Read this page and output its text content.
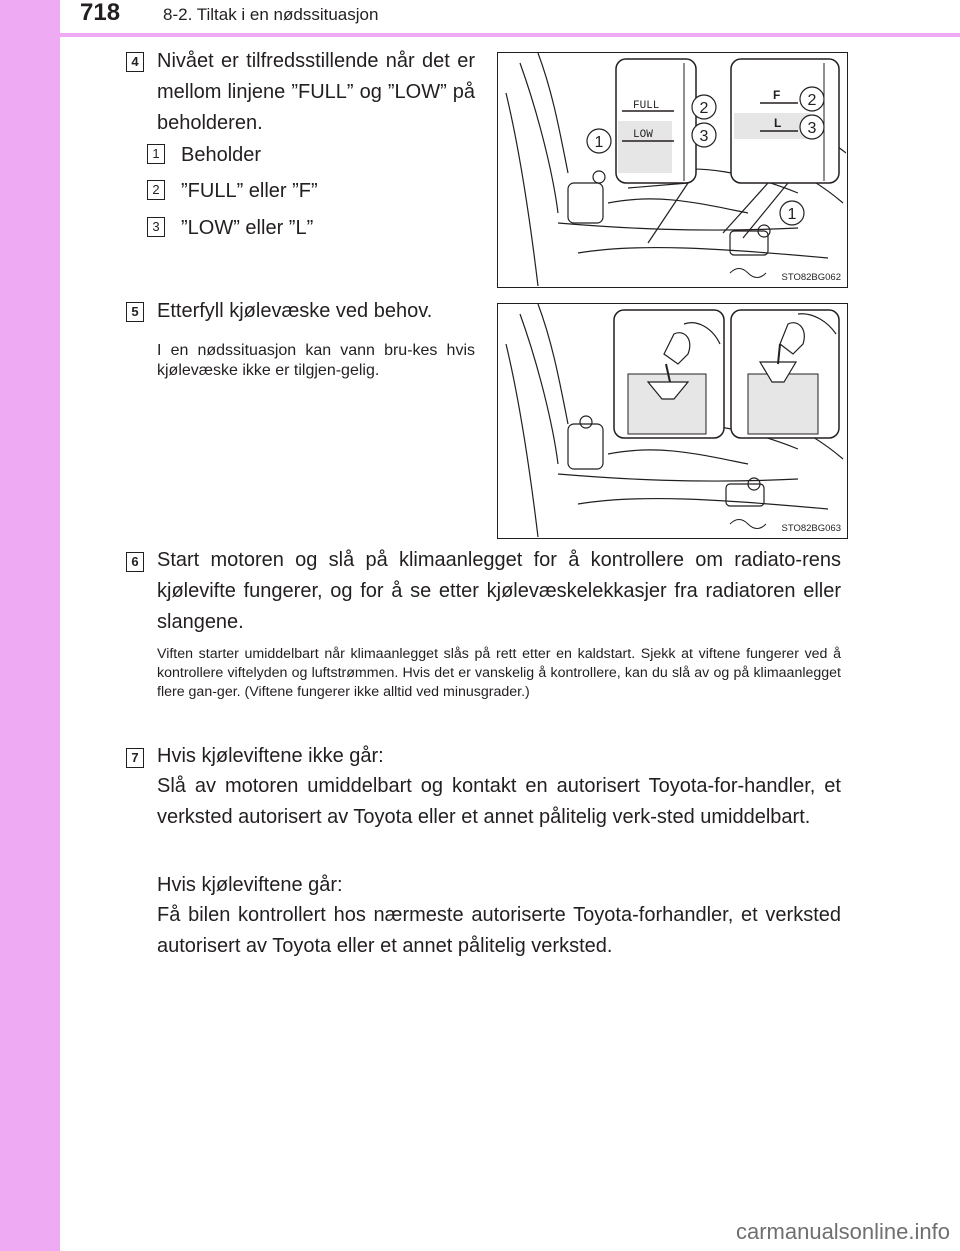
718	8-2. Tiltak i en nødssituasjon
4 Nivået er tilfredsstillende når det er mellom linjene ”FULL” og ”LOW” på beholderen.
1 Beholder
2 ”FULL” eller ”F”
3 ”LOW” eller ”L”
FULL
LOW
F
L
1
2
3
2
3
1
STO82BG062
5 Etterfyll kjølevæske ved behov.
I en nødssituasjon kan vann bru-kes hvis kjølevæske ikke er tilgjen-gelig.
STO82BG063
6 Start motoren og slå på klimaanlegget for å kontrollere om radiato-rens kjølevifte fungerer, og for å se etter kjølevæskelekkasjer fra radiatoren eller slangene.
Viften starter umiddelbart når klimaanlegget slås på rett etter en kaldstart. Sjekk at viftene fungerer ved å kontrollere viftelyden og luftstrømmen. Hvis det er vanskelig å kontrollere, kan du slå av og på klimaanlegget flere gan-ger. (Viftene fungerer ikke alltid ved minusgrader.)
7 Hvis kjøleviftene ikke går:
Slå av motoren umiddelbart og kontakt en autorisert Toyota-for-handler, et verksted autorisert av Toyota eller et annet pålitelig verk-sted umiddelbart.
Hvis kjøleviftene går:
Få bilen kontrollert hos nærmeste autoriserte Toyota-forhandler, et verksted autorisert av Toyota eller et annet pålitelig verksted.
carmanualsonline.info
